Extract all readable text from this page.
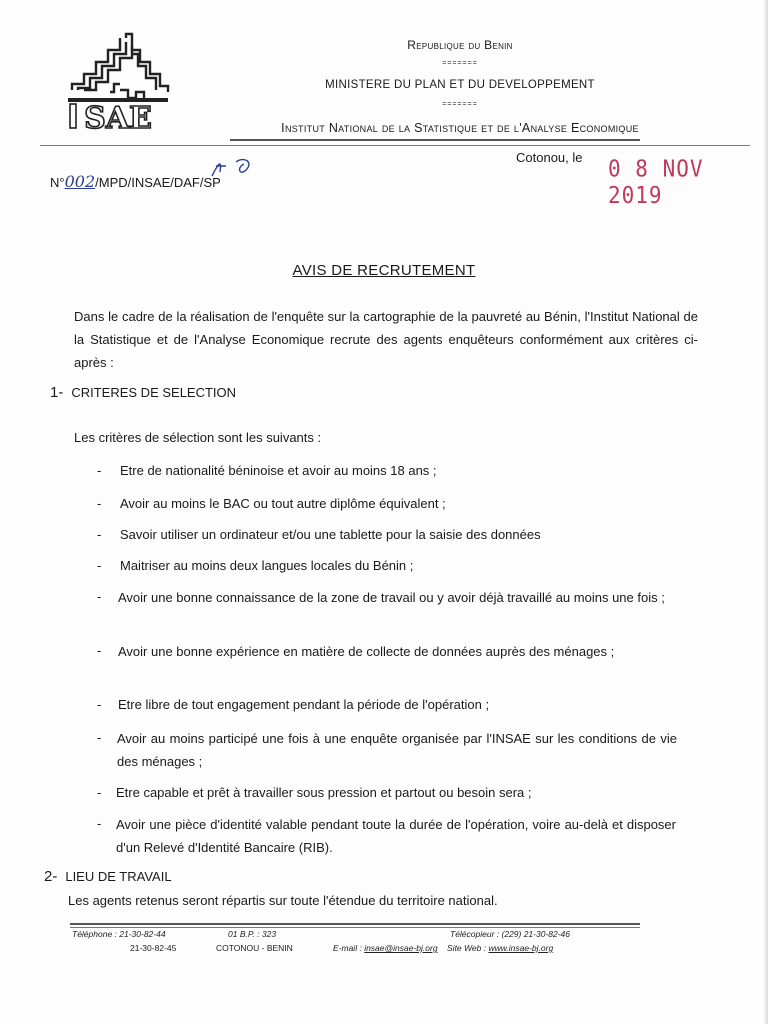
SAE
Republique du Benin
=======
MINISTERE DU PLAN ET DU DEVELOPPEMENT
=======
Institut National de la Statistique et de l'Analyse Economique
N°002/MPD/INSAE/DAF/SP
Cotonou, le 0 8 NOV 2019
AVIS DE RECRUTEMENT
Dans le cadre de la réalisation de l'enquête sur la cartographie de la pauvreté au Bénin, l'Institut National de la Statistique et de l'Analyse Economique recrute des agents enquêteurs conformément aux critères ci-après :
1- CRITERES DE SELECTION
Les critères de sélection sont les suivants :
- Etre de nationalité béninoise et avoir au moins 18 ans ;
- Avoir au moins le BAC ou tout autre diplôme équivalent ;
- Savoir utiliser un ordinateur et/ou une tablette pour la saisie des données
- Maitriser au moins deux langues locales du Bénin ;
- Avoir une bonne connaissance de la zone de travail ou y avoir déjà travaillé au moins une fois ;
- Avoir une bonne expérience en matière de collecte de données auprès des ménages ;
- Etre libre de tout engagement pendant la période de l'opération ;
- Avoir au moins participé une fois à une enquête organisée par l'INSAE sur les conditions de vie des ménages ;
- Etre capable et prêt à travailler sous pression et partout ou besoin sera ;
- Avoir une pièce d'identité valable pendant toute la durée de l'opération, voire au-delà et disposer d'un Relevé d'Identité Bancaire (RIB).
2- LIEU DE TRAVAIL
Les agents retenus seront répartis sur toute l'étendue du territoire national.
Téléphone : 21-30-82-44
21-30-82-45
01 B.P. : 323
COTONOU - BENIN
Télécopieur : (229) 21-30-82-46
E-mail : insae@insae-bj.org Site Web : www.insae-bj.org
